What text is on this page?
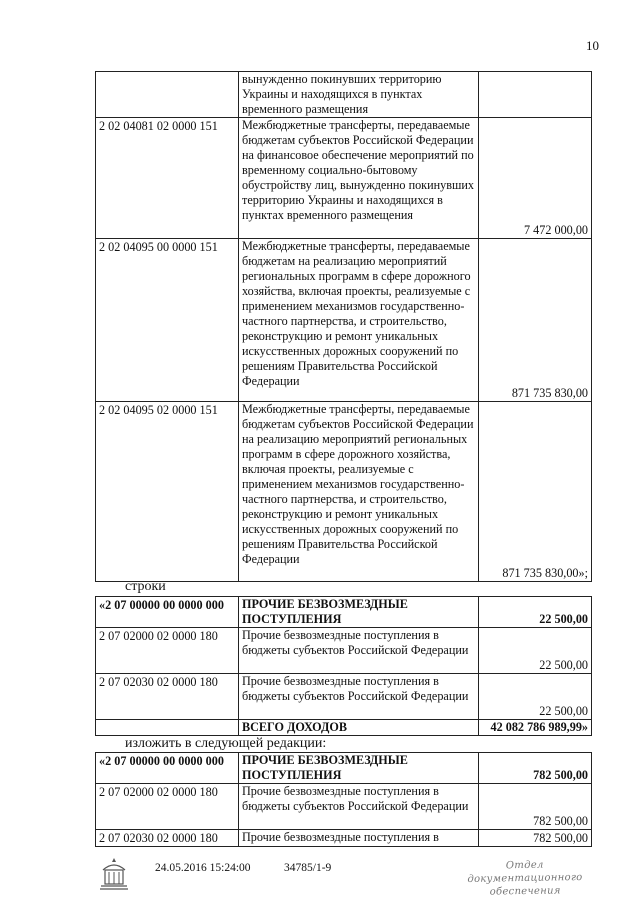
10
	вынужденно покинувших территорию Украины и находящихся в пунктах временного размещения	
2 02 04081 02 0000 151	Межбюджетные трансферты, передаваемые бюджетам субъектов Российской Федерации на финансовое обеспечение мероприятий по временному социально-бытовому обустройству лиц, вынужденно покинувших территорию Украины и находящихся в пунктах временного размещения	7 472 000,00
2 02 04095 00 0000 151	Межбюджетные трансферты, передаваемые бюджетам на реализацию мероприятий региональных программ в сфере дорожного хозяйства, включая проекты, реализуемые с применением механизмов государственно-частного партнерства, и строительство, реконструкцию и ремонт уникальных искусственных дорожных сооружений по решениям Правительства Российской Федерации	871 735 830,00
2 02 04095 02 0000 151	Межбюджетные трансферты, передаваемые бюджетам субъектов Российской Федерации на реализацию мероприятий региональных программ в сфере дорожного хозяйства, включая проекты, реализуемые с применением механизмов государственно-частного партнерства, и строительство, реконструкцию и ремонт уникальных искусственных дорожных сооружений по решениям Правительства Российской Федерации	871 735 830,00»;
строки
«2 07 00000 00 0000 000	ПРОЧИЕ БЕЗВОЗМЕЗДНЫЕ ПОСТУПЛЕНИЯ	22 500,00
2 07 02000 02 0000 180	Прочие безвозмездные поступления в бюджеты субъектов Российской Федерации	22 500,00
2 07 02030 02 0000 180	Прочие безвозмездные поступления в бюджеты субъектов Российской Федерации	22 500,00
	ВСЕГО ДОХОДОВ	42 082 786 989,99»
изложить в следующей редакции:
«2 07 00000 00 0000 000	ПРОЧИЕ БЕЗВОЗМЕЗДНЫЕ ПОСТУПЛЕНИЯ	782 500,00
2 07 02000 02 0000 180	Прочие безвозмездные поступления в бюджеты субъектов Российской Федерации	782 500,00
2 07 02030 02 0000 180	Прочие безвозмездные поступления в	782 500,00
24.05.2016 15:24:00	34785/1-9	Отдел документационного
обеспечения
